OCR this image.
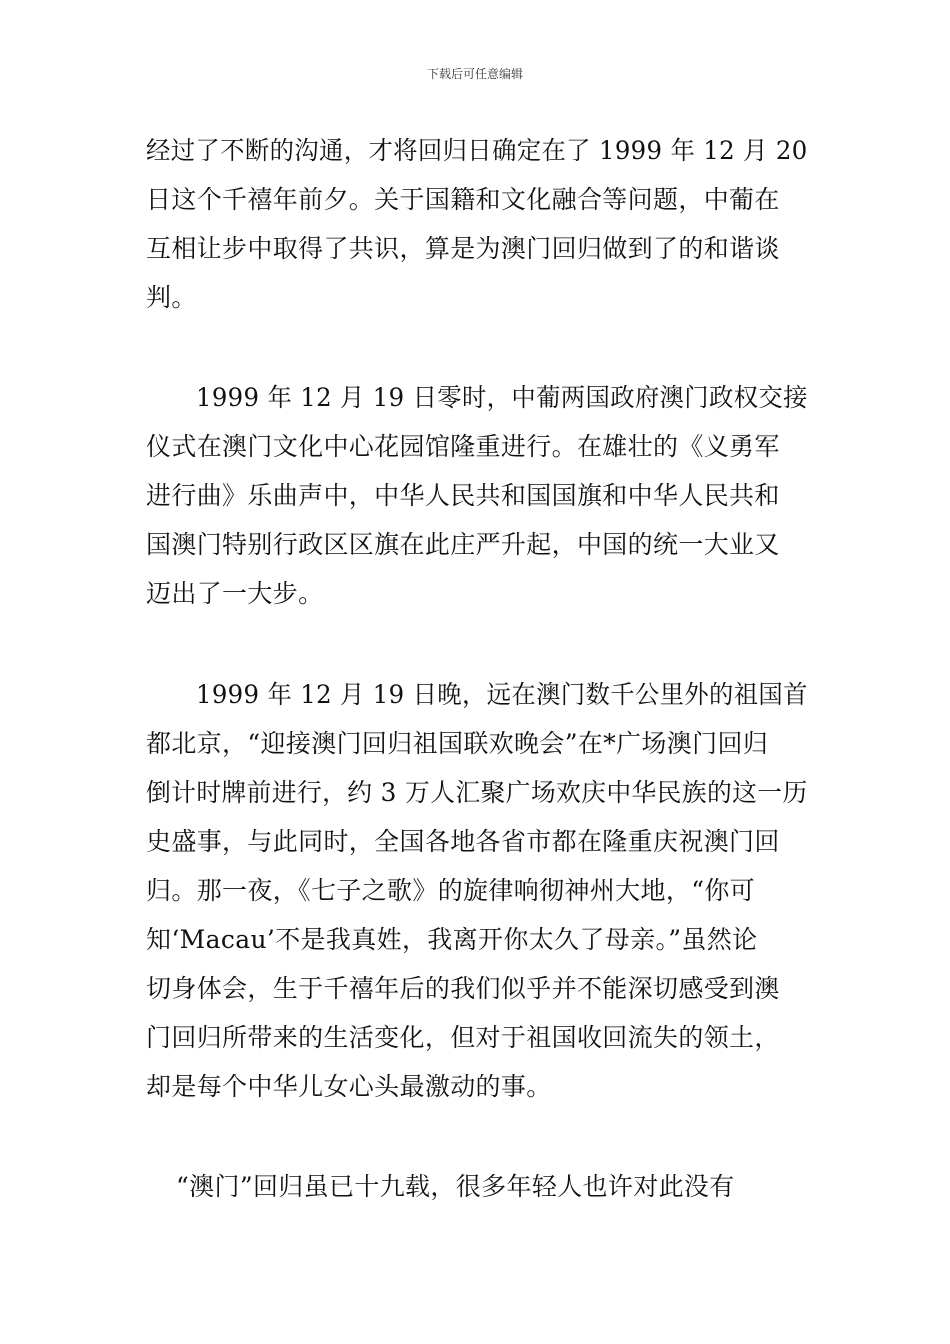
下载后可任意编辑
经过了不断的沟通，才将回归日确定在了 1999 年 12 月 20
日这个千禧年前夕。关于国籍和文化融合等问题，中葡在
互相让步中取得了共识，算是为澳门回归做到了的和谐谈
判。
1999 年 12 月 19 日零时，中葡两国政府澳门政权交接
仪式在澳门文化中心花园馆隆重进行。在雄壮的《义勇军
进行曲》乐曲声中，中华人民共和国国旗和中华人民共和
国澳门特别行政区区旗在此庄严升起，中国的统一大业又
迈出了一大步。
1999 年 12 月 19 日晚，远在澳门数千公里外的祖国首
都北京，“迎接澳门回归祖国联欢晚会”在*广场澳门回归
倒计时牌前进行，约 3 万人汇聚广场欢庆中华民族的这一历
史盛事，与此同时，全国各地各省市都在隆重庆祝澳门回
归。那一夜，《七子之歌》的旋律响彻神州大地，“你可
知‘Macau’不是我真姓，我离开你太久了母亲。”虽然论
切身体会，生于千禧年后的我们似乎并不能深切感受到澳
门回归所带来的生活变化，但对于祖国收回流失的领土，
却是每个中华儿女心头最激动的事。
“澳门”回归虽已十九载，很多年轻人也许对此没有
